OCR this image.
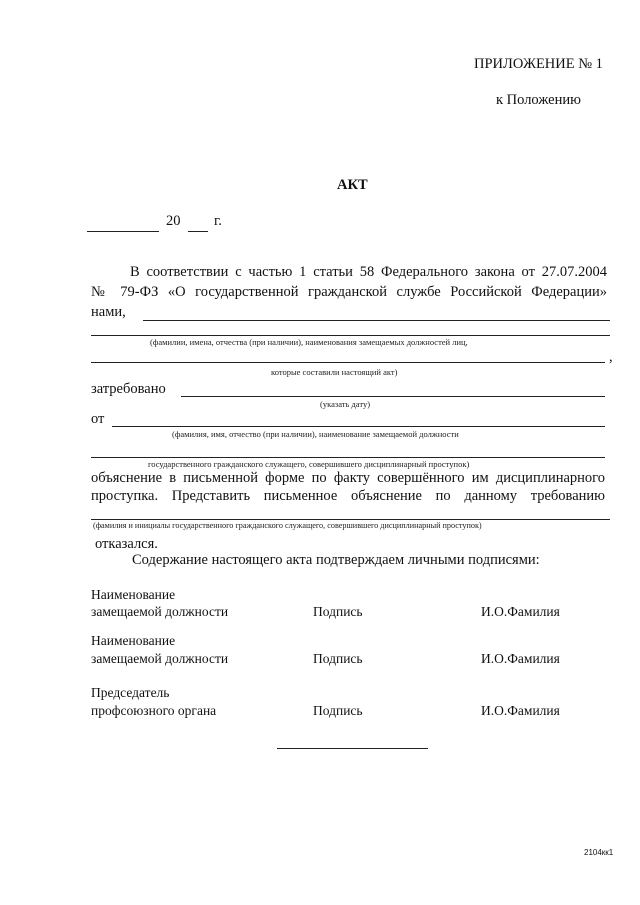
ПРИЛОЖЕНИЕ № 1
к Положению
АКТ
20 г.
В соответствии с частью 1 статьи 58 Федерального закона от 27.07.2004
№ 79-ФЗ «О государственной гражданской службе Российской Федерации»
нами,
(фамилии, имена, отчества (при наличии), наименования замещаемых должностей лиц,
,
которые составили настоящий акт)
затребовано
(указать дату)
от
(фамилия, имя, отчество (при наличии), наименование замещаемой должности
государственного гражданского служащего, совершившего дисциплинарный проступок)
объяснение в письменной форме по факту совершённого им дисциплинарного
проступка. Представить письменное объяснение по данному требованию
(фамилия и инициалы государственного гражданского служащего, совершившего дисциплинарный проступок)
отказался.
Содержание настоящего акта подтверждаем личными подписями:
Наименование
замещаемой должности	Подпись	И.О.Фамилия
Наименование
замещаемой должности	Подпись	И.О.Фамилия
Председатель
профсоюзного органа	Подпись	И.О.Фамилия
2104кк1
